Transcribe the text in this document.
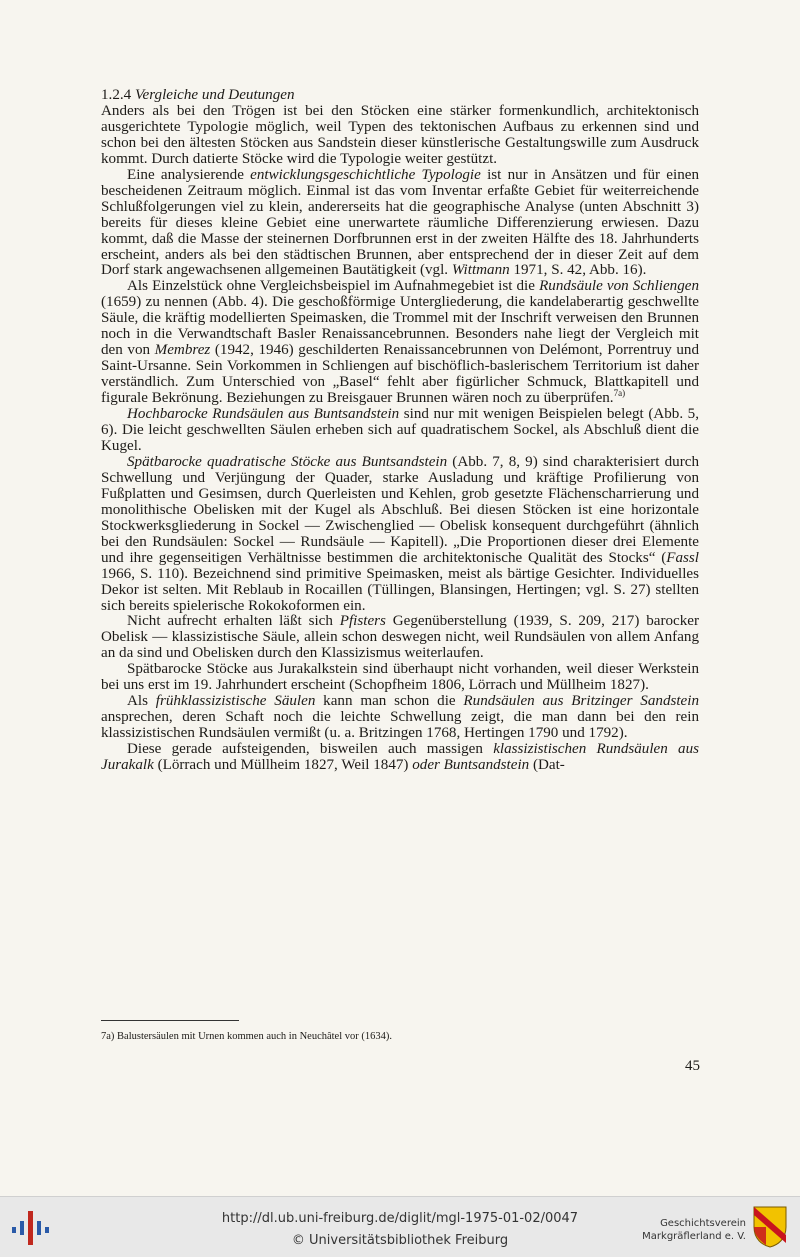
1.2.4 Vergleiche und Deutungen

Anders als bei den Trögen ist bei den Stöcken eine stärker formenkundlich, architektonisch ausgerichtete Typologie möglich, weil Typen des tektonischen Aufbaus zu erkennen sind und schon bei den ältesten Stöcken aus Sandstein dieser künstlerische Gestaltungswille zum Ausdruck kommt. Durch datierte Stöcke wird die Typologie weiter gestützt.

Eine analysierende entwicklungsgeschichtliche Typologie ist nur in Ansätzen und für einen bescheidenen Zeitraum möglich. Einmal ist das vom Inventar erfaßte Gebiet für weiterreichende Schlußfolgerungen viel zu klein, andererseits hat die geographische Analyse (unten Abschnitt 3) bereits für dieses kleine Gebiet eine unerwartete räumliche Differenzierung erwiesen. Dazu kommt, daß die Masse der steinernen Dorfbrunnen erst in der zweiten Hälfte des 18. Jahrhunderts erscheint, anders als bei den städtischen Brunnen, aber entsprechend der in dieser Zeit auf dem Dorf stark angewachsenen allgemeinen Bautätigkeit (vgl. Wittmann 1971, S. 42, Abb. 16).

Als Einzelstück ohne Vergleichsbeispiel im Aufnahmegebiet ist die Rundsäule von Schliengen (1659) zu nennen (Abb. 4). Die geschoßförmige Untergliederung, die kandelaberartig geschwellte Säule, die kräftig modellierten Speimasken, die Trommel mit der Inschrift verweisen den Brunnen noch in die Verwandtschaft Basler Renaissancebrunnen. Besonders nahe liegt der Vergleich mit den von Membrez (1942, 1946) geschilderten Renaissancebrunnen von Delémont, Porrentruy und Saint-Ursanne. Sein Vorkommen in Schliengen auf bischöflich-baslerischem Territorium ist daher verständlich. Zum Unterschied von „Basel“ fehlt aber figürlicher Schmuck, Blattkapitell und figurale Bekrönung. Beziehungen zu Breisgauer Brunnen wären noch zu überprüfen.$^{7a)}$

Hochbarocke Rundsäulen aus Buntsandstein sind nur mit wenigen Beispielen belegt (Abb. 5, 6). Die leicht geschwellten Säulen erheben sich auf quadratischem Sockel, als Abschluß dient die Kugel.

Spätbarocke quadratische Stöcke aus Buntsandstein (Abb. 7, 8, 9) sind charakterisiert durch Schwellung und Verjüngung der Quader, starke Ausladung und kräftige Profilierung von Fußplatten und Gesimsen, durch Querleisten und Kehlen, grob gesetzte Flächenscharrierung und monolithische Obelisken mit der Kugel als Abschluß. Bei diesen Stöcken ist eine horizontale Stockwerksgliederung in Sockel — Zwischenglied — Obelisk konsequent durchgeführt (ähnlich bei den Rundsäulen: Sockel — Rundsäule — Kapitell). „Die Proportionen dieser drei Elemente und ihre gegenseitigen Verhältnisse bestimmen die architektonische Qualität des Stocks“ (Fassl 1966, S. 110). Bezeichnend sind primitive Speimasken, meist als bärtige Gesichter. Individuelles Dekor ist selten. Mit Reblaub in Rocaillen (Tüllingen, Blansingen, Hertingen; vgl. S. 27) stellten sich bereits spielerische Rokokoformen ein.

Nicht aufrecht erhalten läßt sich Pfisters Gegenüberstellung (1939, S. 209, 217) barocker Obelisk — klassizistische Säule, allein schon deswegen nicht, weil Rundsäulen von allem Anfang an da sind und Obelisken durch den Klassizismus weiterlaufen.

Spätbarocke Stöcke aus Jurakalkstein sind überhaupt nicht vorhanden, weil dieser Werkstein bei uns erst im 19. Jahrhundert erscheint (Schopfheim 1806, Lörrach und Müllheim 1827).

Als frühklassizistische Säulen kann man schon die Rundsäulen aus Britzinger Sandstein ansprechen, deren Schaft noch die leichte Schwellung zeigt, die man dann bei den rein klassizistischen Rundsäulen vermißt (u. a. Britzingen 1768, Hertingen 1790 und 1792).

Diese gerade aufsteigenden, bisweilen auch massigen klassizistischen Rundsäulen aus Jurakalk (Lörrach und Müllheim 1827, Weil 1847) oder Buntsandstein (Dat-

7a) Balustersäulen mit Urnen kommen auch in Neuchâtel vor (1634).
45
http://dl.ub.uni-freiburg.de/diglit/mgl-1975-01-02/0047
© Universitätsbibliothek Freiburg
Geschichtsverein
Markgräflerland e. V.
